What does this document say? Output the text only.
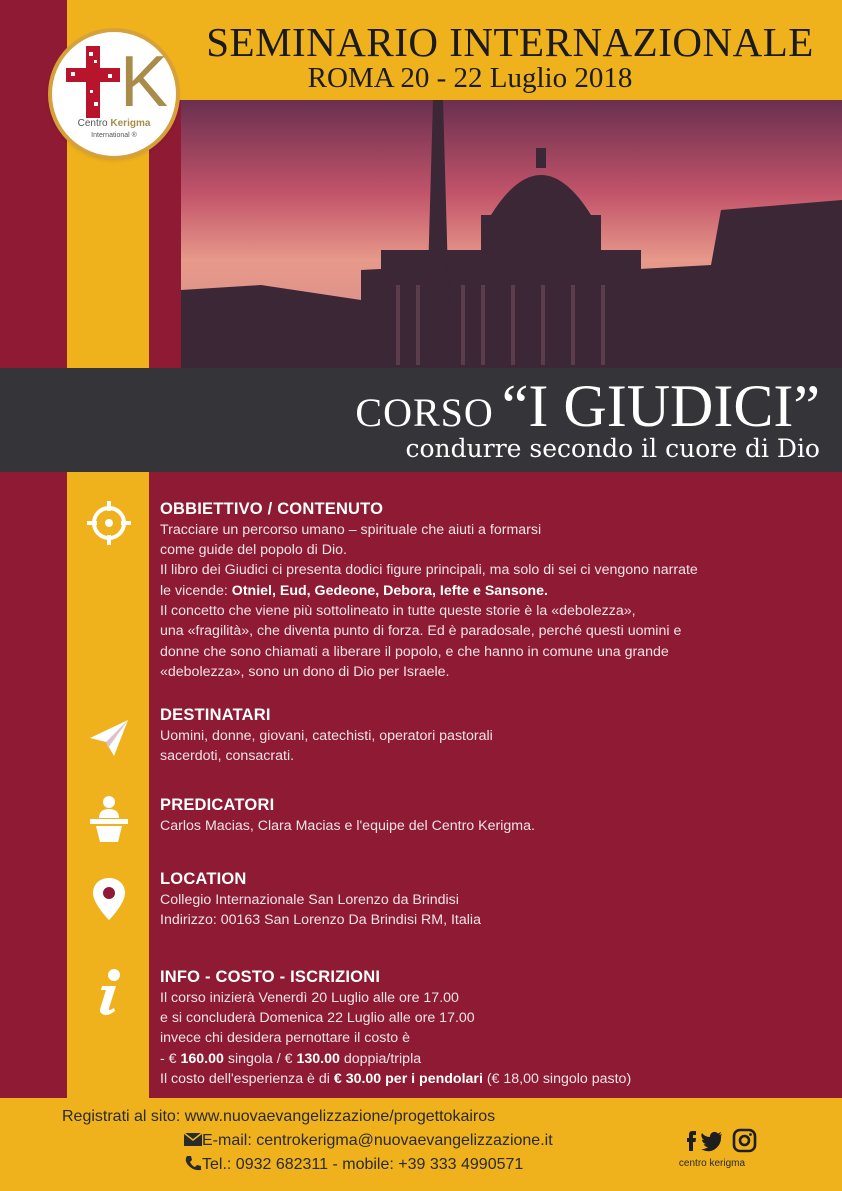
SEMINARIO INTERNAZIONALE
ROMA 20 - 22 Luglio 2018
K
Centro Kerigma
International ®
CORSO “I GIUDICI”
condurre secondo il cuore di Dio
OBBIETTIVO / CONTENUTO

Tracciare un percorso umano – spirituale che aiuti a formarsi
come guide del popolo di Dio.
Il libro dei Giudici ci presenta dodici figure principali, ma solo di sei ci vengono narrate
le vicende: Otniel, Eud, Gedeone, Debora, Iefte e Sansone.
Il concetto che viene più sottolineato in tutte queste storie è la «debolezza»,
una «fragilità», che diventa punto di forza. Ed è paradosale, perché questi uomini e
donne che sono chiamati a liberare il popolo, e che hanno in comune una grande
«debolezza», sono un dono di Dio per Israele.

DESTINATARI

Uomini, donne, giovani, catechisti, operatori pastorali
sacerdoti, consacrati.

PREDICATORI

Carlos Macias, Clara Macias e l'equipe del Centro Kerigma.

LOCATION

Collegio Internazionale San Lorenzo da Brindisi
Indirizzo: 00163 San Lorenzo Da Brindisi RM, Italia

INFO - COSTO - ISCRIZIONI

Il corso inizierà Venerdì 20 Luglio alle ore 17.00
e si concluderà Domenica 22 Luglio alle ore 17.00
invece chi desidera pernottare il costo è
- € 160.00 singola / € 130.00 doppia/tripla
Il costo dell'esperienza è di € 30.00 per i pendolari (€ 18,00 singolo pasto)

Registrati al sito: www.nuovaevangelizzazione/progettokairos
E-mail: centrokerigma@nuovaevangelizzazione.it
Tel.: 0932 682311 - mobile: +39 333 4990571	centro kerigma
